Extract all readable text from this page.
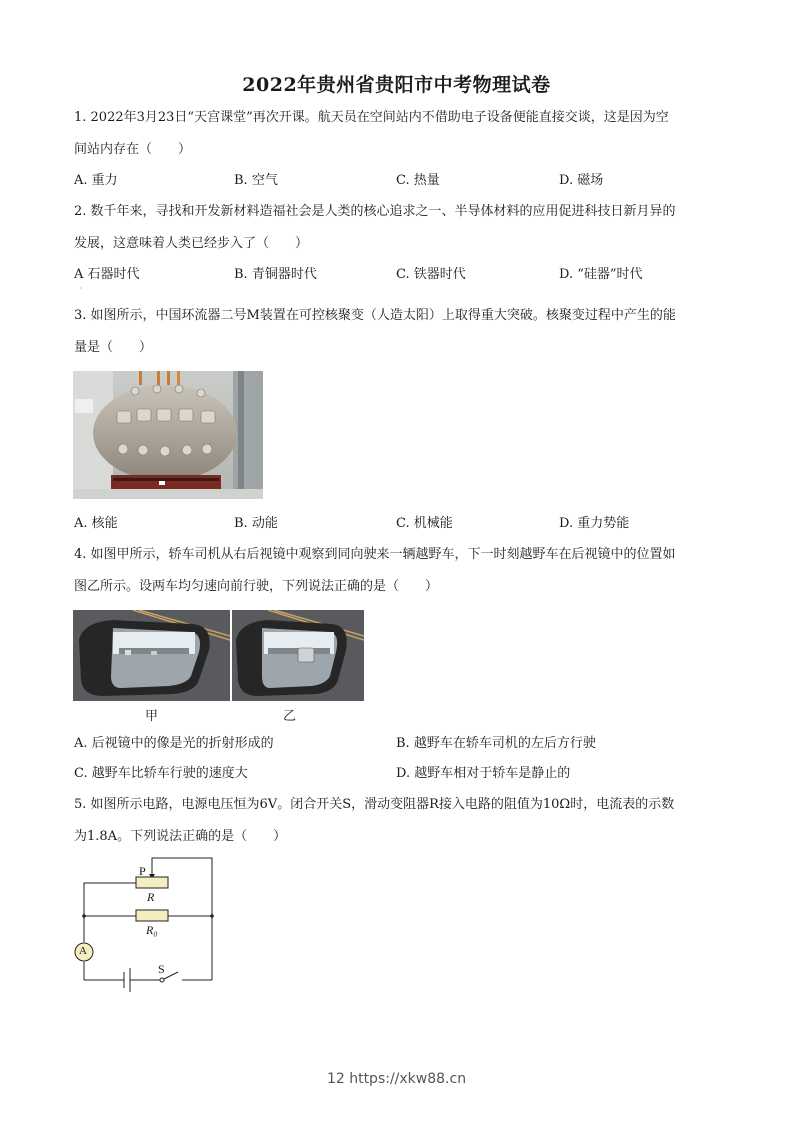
2022年贵州省贵阳市中考物理试卷
1. 2022年3月23日“天宫课堂”再次开课。航天员在空间站内不借助电子设备便能直接交谈，这是因为空
间站内存在（　　）
A. 重力	B. 空气	C. 热量	D. 磁场
2. 数千年来，寻找和开发新材料造福社会是人类的核心追求之一、半导体材料的应用促进科技日新月异的
发展，这意味着人类已经步入了（　　）
A 石器时代	B. 青铜器时代	C. 铁器时代	D. “硅器”时代
'
3. 如图所示，中国环流器二号M装置在可控核聚变（人造太阳）上取得重大突破。核聚变过程中产生的能
量是（　　）
A. 核能	B. 动能	C. 机械能	D. 重力势能
4. 如图甲所示，轿车司机从右后视镜中观察到同向驶来一辆越野车，下一时刻越野车在后视镜中的位置如
图乙所示。设两车均匀速向前行驶，下列说法正确的是（　　）
甲	乙
A. 后视镜中的像是光的折射形成的	B. 越野车在轿车司机的左后方行驶
C. 越野车比轿车行驶的速度大	D. 越野车相对于轿车是静止的
5. 如图所示电路，电源电压恒为6V。闭合开关S，滑动变阻器R接入电路的阻值为10Ω时，电流表的示数
为1.8A。下列说法正确的是（　　）
P
R
R₀
A
S
12 https://xkw88.cn
